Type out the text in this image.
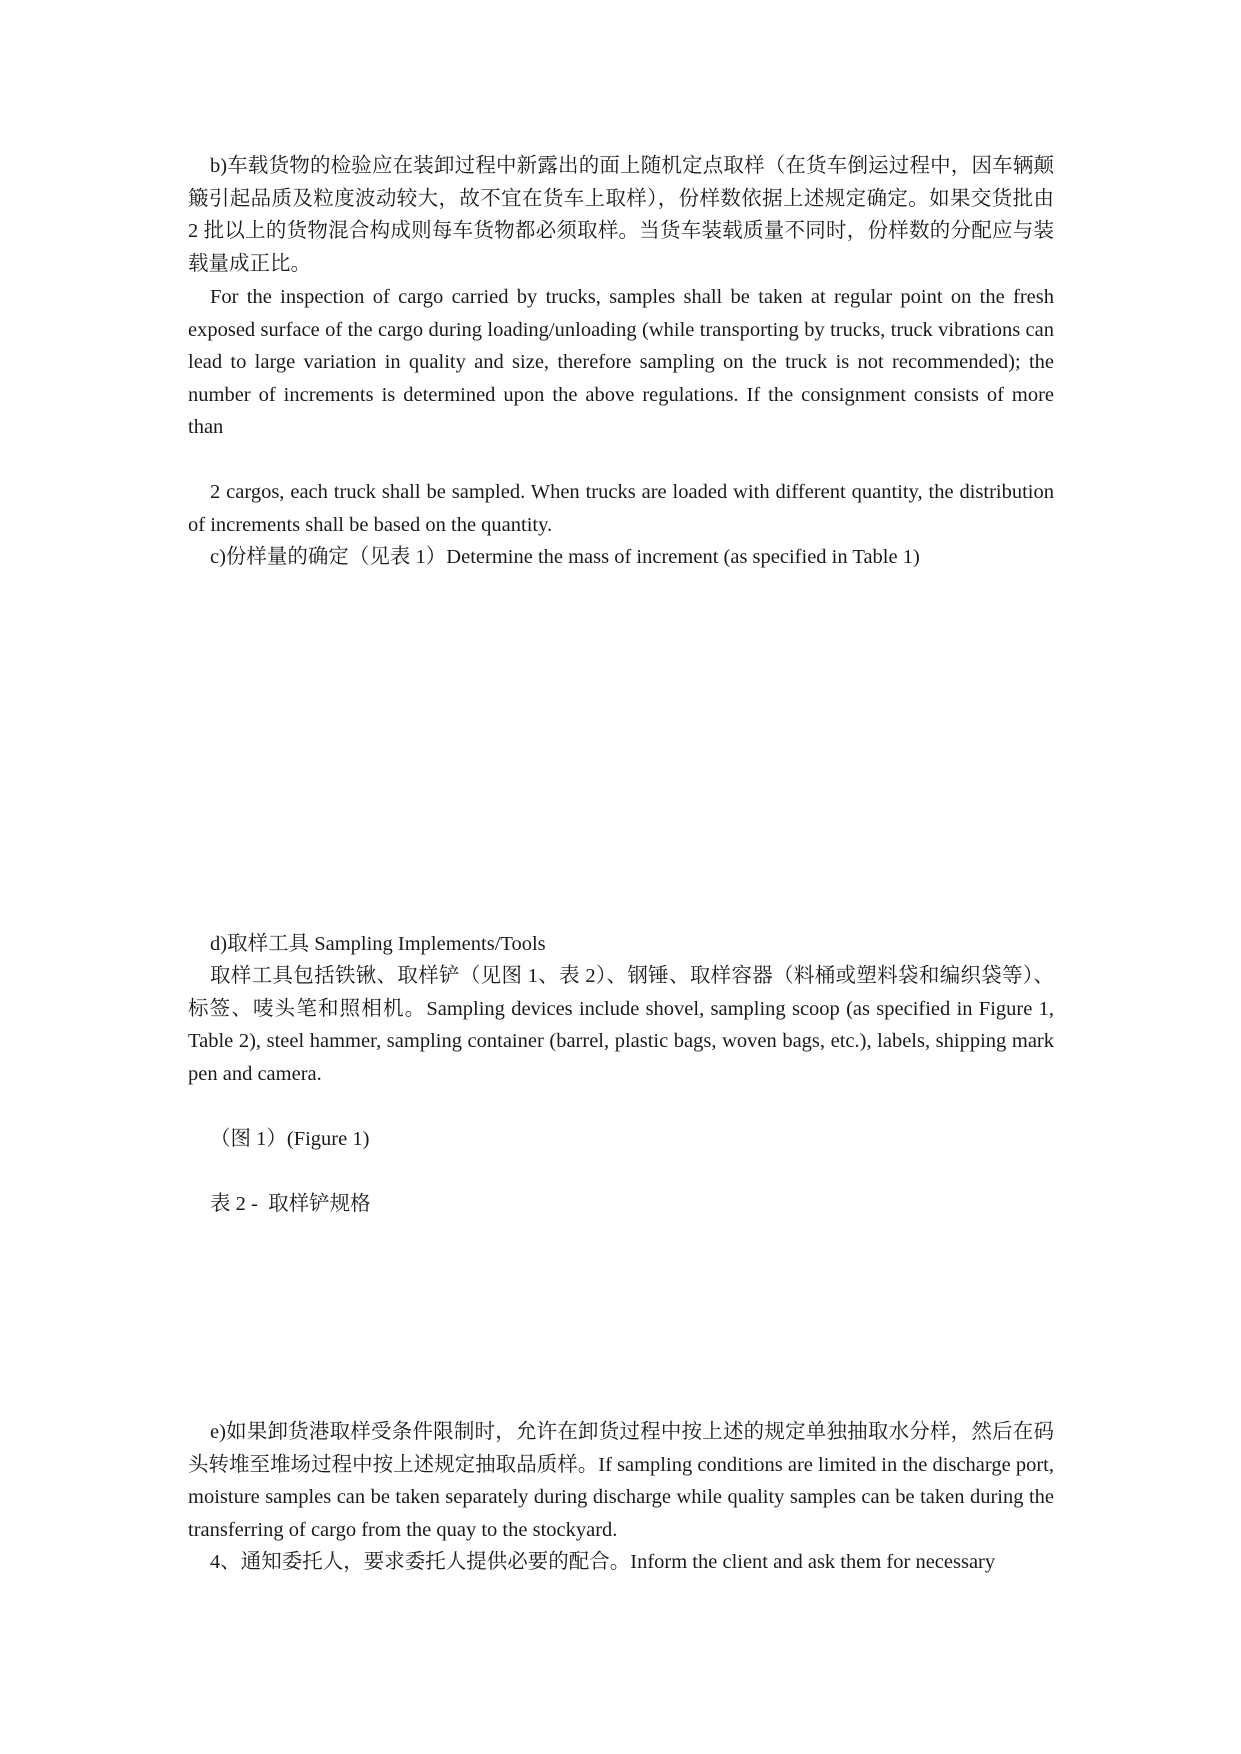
b)车载货物的检验应在装卸过程中新露出的面上随机定点取样（在货车倒运过程中，因车辆颠簸引起品质及粒度波动较大，故不宜在货车上取样），份样数依据上述规定确定。如果交货批由 2 批以上的货物混合构成则每车货物都必须取样。当货车装载质量不同时，份样数的分配应与装载量成正比。
For the inspection of cargo carried by trucks, samples shall be taken at regular point on the fresh exposed surface of the cargo during loading/unloading (while transporting by trucks, truck vibrations can lead to large variation in quality and size, therefore sampling on the truck is not recommended); the number of increments is determined upon the above regulations. If the consignment consists of more than
2 cargos, each truck shall be sampled. When trucks are loaded with different quantity, the distribution of increments shall be based on the quantity.
c)份样量的确定（见表 1）Determine the mass of increment (as specified in Table 1)
d)取样工具 Sampling Implements/Tools
取样工具包括铁锹、取样铲（见图 1、表 2）、钢锤、取样容器（料桶或塑料袋和编织袋等）、标签、唛头笔和照相机。Sampling devices include shovel, sampling scoop (as specified in Figure 1, Table 2), steel hammer, sampling container (barrel, plastic bags, woven bags, etc.), labels, shipping mark pen and camera.
（图 1）(Figure 1)
表 2 -  取样铲规格
e)如果卸货港取样受条件限制时，允许在卸货过程中按上述的规定单独抽取水分样，然后在码头转堆至堆场过程中按上述规定抽取品质样。If sampling conditions are limited in the discharge port, moisture samples can be taken separately during discharge while quality samples can be taken during the transferring of cargo from the quay to the stockyard.
4、通知委托人，要求委托人提供必要的配合。Inform the client and ask them for necessary
